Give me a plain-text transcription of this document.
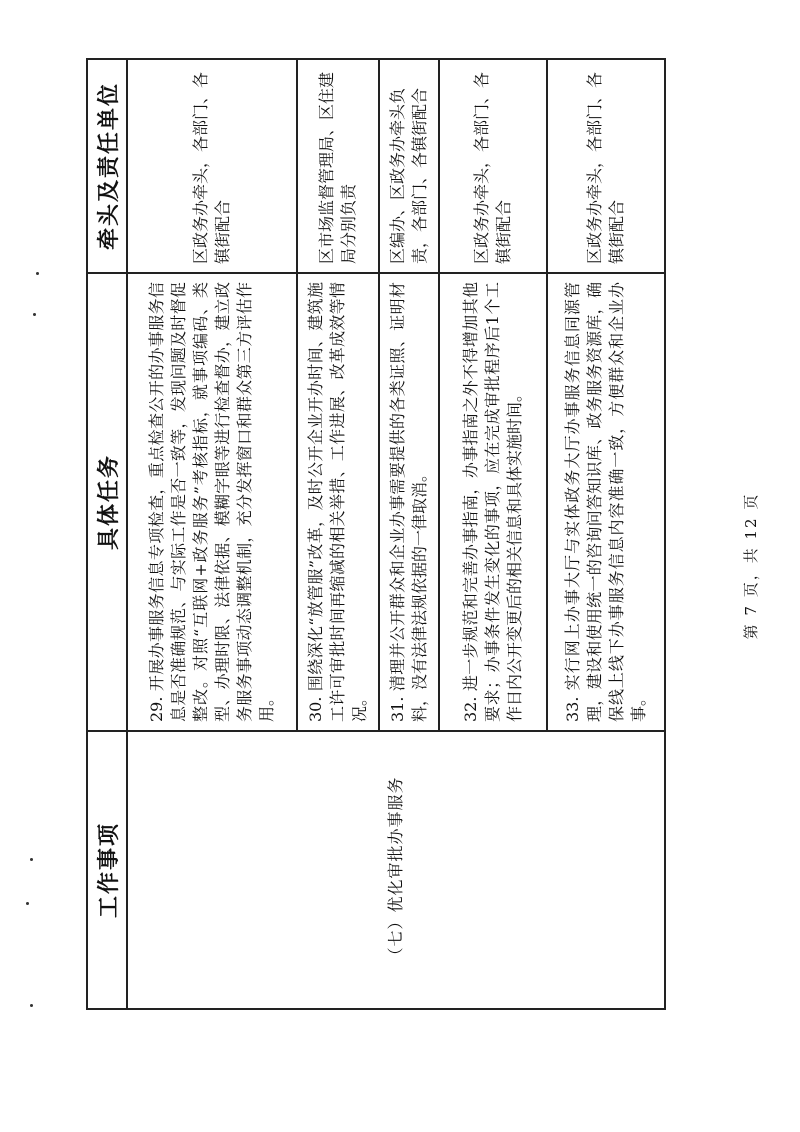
工作事项	具体任务	牵头及责任单位
（七）优化审批办事服务	29. 开展办事服务信息专项检查，重点检查公开的办事服务信息是否准确规范、与实际工作是否一致等，发现问题及时督促整改。对照“互联网+政务服务”考核指标，就事项编码、类型、办理时限、法律依据、模糊字眼等进行检查督办，建立政务服务事项动态调整机制，充分发挥窗口和群众第三方评估作用。	区政务办牵头，各部门、各镇街配合
	30. 围绕深化“放管服”改革，及时公开企业开办时间、建筑施工许可审批时间再缩减的相关举措、工作进展、改革成效等情况。	区市场监督管理局、区住建局分别负责
	31. 清理并公开群众和企业办事需要提供的各类证照、证明材料，没有法律法规依据的一律取消。	区编办、区政务办牵头负责，各部门、各镇街配合
	32. 进一步规范和完善办事指南，办事指南之外不得增加其他要求；办事条件发生变化的事项，应在完成审批程序后1个工作日内公开变更后的相关信息和具体实施时间。	区政务办牵头，各部门、各镇街配合
	33. 实行网上办事大厅与实体政务大厅办事服务信息同源管理，建设和使用统一的咨询问答知识库、政务服务资源库，确保线上线下办事服务信息内容准确一致，方便群众和企业办事。	区政务办牵头，各部门、各镇街配合
第 7 页，共 12 页
